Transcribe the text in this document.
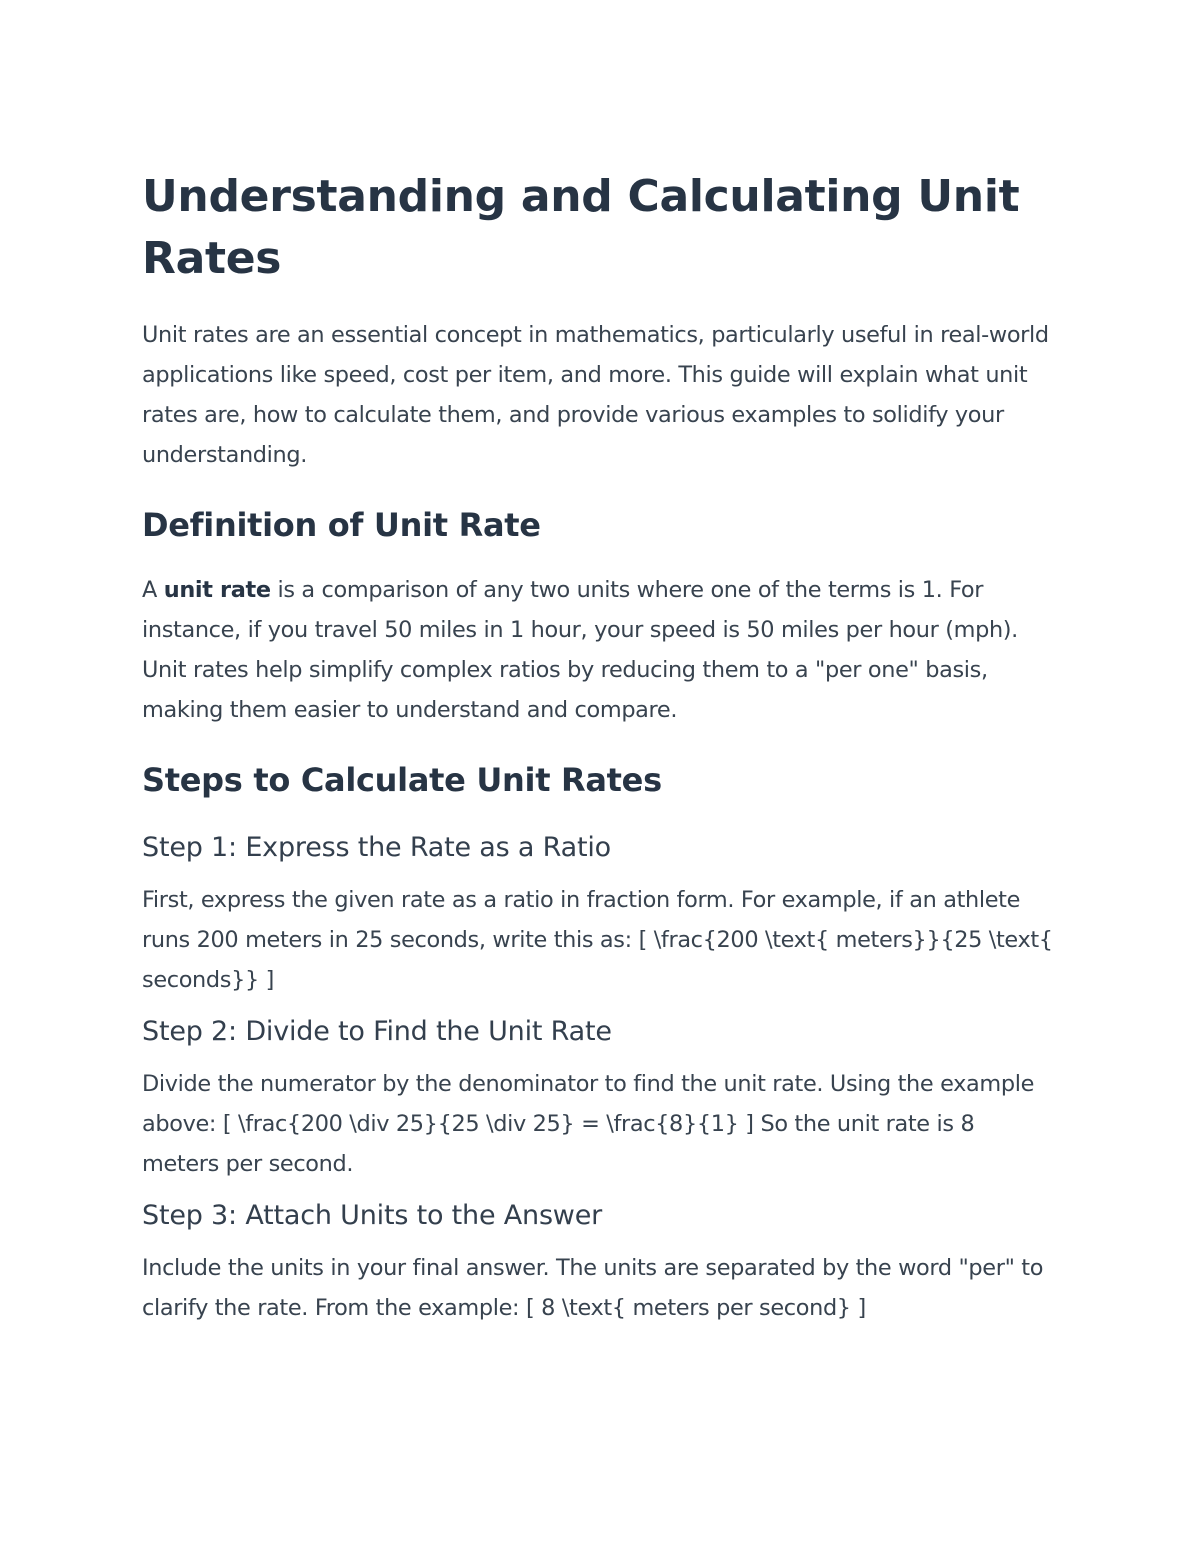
Understanding and Calculating Unit Rates

Unit rates are an essential concept in mathematics, particularly useful in real-world applications like speed, cost per item, and more. This guide will explain what unit rates are, how to calculate them, and provide various examples to solidify your understanding.

Definition of Unit Rate

A unit rate is a comparison of any two units where one of the terms is 1. For instance, if you travel 50 miles in 1 hour, your speed is 50 miles per hour (mph). Unit rates help simplify complex ratios by reducing them to a "per one" basis, making them easier to understand and compare.

Steps to Calculate Unit Rates
Step 1: Express the Rate as a Ratio

First, express the given rate as a ratio in fraction form. For example, if an athlete runs 200 meters in 25 seconds, write this as: [ \frac{200 \text{ meters}}{25 \text{ seconds}} ]

Step 2: Divide to Find the Unit Rate

Divide the numerator by the denominator to find the unit rate. Using the example above: [ \frac{200 \div 25}{25 \div 25} = \frac{8}{1} ] So the unit rate is 8 meters per second.

Step 3: Attach Units to the Answer

Include the units in your final answer. The units are separated by the word "per" to clarify the rate. From the example: [ 8 \text{ meters per second} ]
